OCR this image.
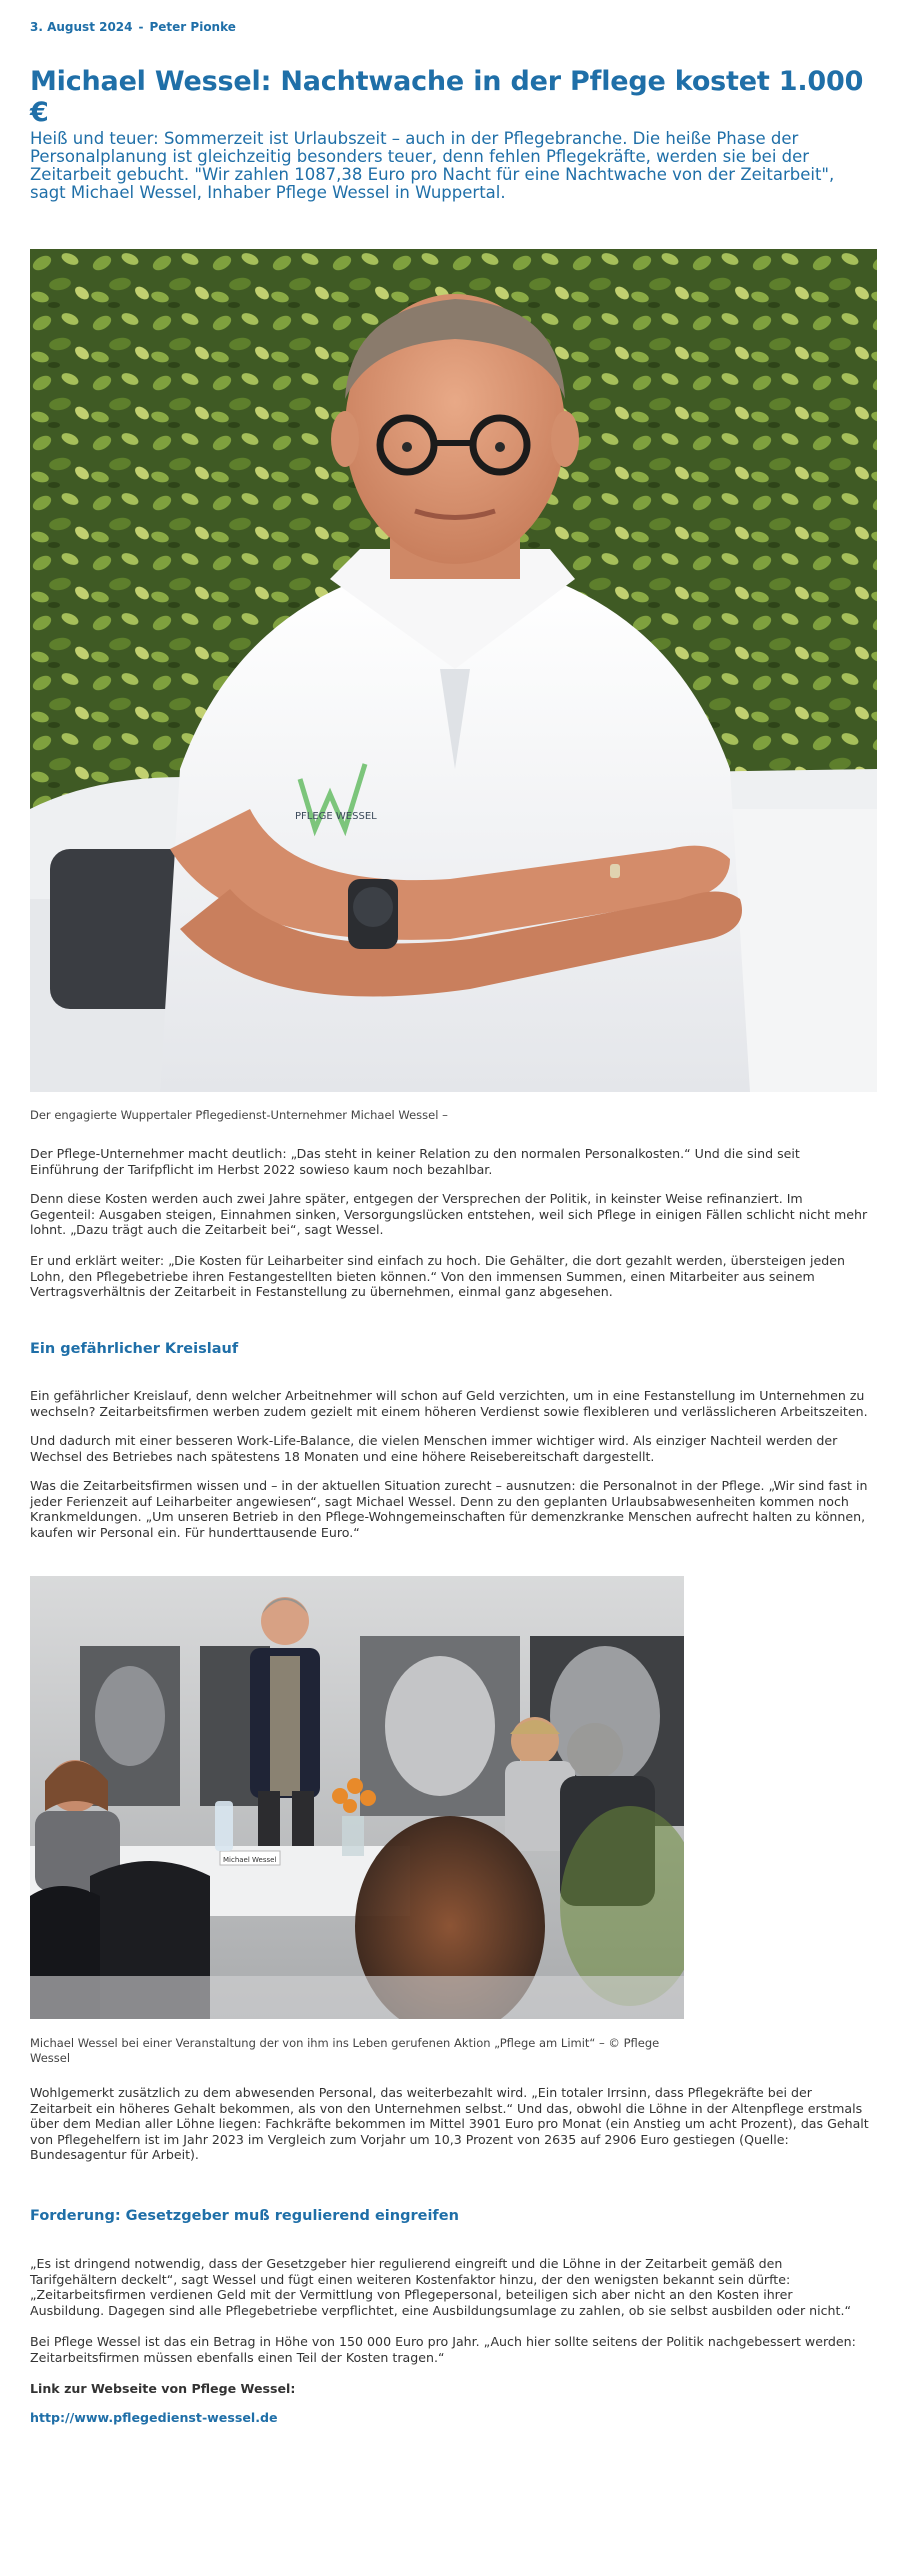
3. August 2024 - Peter Pionke
Michael Wessel: Nachtwache in der Pflege kostet 1.000 €

Heiß und teuer: Sommerzeit ist Urlaubszeit – auch in der Pflegebranche. Die heiße Phase der Personalplanung ist gleichzeitig besonders teuer, denn fehlen Pflegekräfte, werden sie bei der Zeitarbeit gebucht. "Wir zahlen 1087,38 Euro pro Nacht für eine Nachtwache von der Zeitarbeit", sagt Michael Wessel, Inhaber Pflege Wessel in Wuppertal.

PFLEGE WESSEL
Der engagierte Wuppertaler Pflegedienst-Unternehmer Michael Wessel –

Der Pflege-Unternehmer macht deutlich: „Das steht in keiner Relation zu den normalen Personalkosten.“ Und die sind seit Einführung der Tarifpflicht im Herbst 2022 sowieso kaum noch bezahlbar.

Denn diese Kosten werden auch zwei Jahre später, entgegen der Versprechen der Politik, in keinster Weise refinanziert. Im Gegenteil: Ausgaben steigen, Einnahmen sinken, Versorgungslücken entstehen, weil sich Pflege in einigen Fällen schlicht nicht mehr lohnt. „Dazu trägt auch die Zeitarbeit bei“, sagt Wessel.

Er und erklärt weiter: „Die Kosten für Leiharbeiter sind einfach zu hoch. Die Gehälter, die dort gezahlt werden, übersteigen jeden Lohn, den Pflegebetriebe ihren Festangestellten bieten können.“ Von den immensen Summen, einen Mitarbeiter aus seinem Vertragsverhältnis der Zeitarbeit in Festanstellung zu übernehmen, einmal ganz abgesehen.

Ein gefährlicher Kreislauf

Ein gefährlicher Kreislauf, denn welcher Arbeitnehmer will schon auf Geld verzichten, um in eine Festanstellung im Unternehmen zu wechseln? Zeitarbeitsfirmen werben zudem gezielt mit einem höheren Verdienst sowie flexibleren und verlässlicheren Arbeitszeiten.

Und dadurch mit einer besseren Work-Life-Balance, die vielen Menschen immer wichtiger wird. Als einziger Nachteil werden der Wechsel des Betriebes nach spätestens 18 Monaten und eine höhere Reisebereitschaft dargestellt.

Was die Zeitarbeitsfirmen wissen und – in der aktuellen Situation zurecht – ausnutzen: die Personalnot in der Pflege. „Wir sind fast in jeder Ferienzeit auf Leiharbeiter angewiesen“, sagt Michael Wessel. Denn zu den geplanten Urlaubsabwesenheiten kommen noch Krankmeldungen. „Um unseren Betrieb in den Pflege-Wohngemeinschaften für demenzkranke Menschen aufrecht halten zu können, kaufen wir Personal ein. Für hunderttausende Euro.“

Michael Wessel
Michael Wessel bei einer Veranstaltung der von ihm ins Leben gerufenen Aktion „Pflege am Limit“ – © Pflege Wessel

Wohlgemerkt zusätzlich zu dem abwesenden Personal, das weiterbezahlt wird. „Ein totaler Irrsinn, dass Pflegekräfte bei der Zeitarbeit ein höheres Gehalt bekommen, als von den Unternehmen selbst.“ Und das, obwohl die Löhne in der Altenpflege erstmals über dem Median aller Löhne liegen: Fachkräfte bekommen im Mittel 3901 Euro pro Monat (ein Anstieg um acht Prozent), das Gehalt von Pflegehelfern ist im Jahr 2023 im Vergleich zum Vorjahr um 10,3 Prozent von 2635 auf 2906 Euro gestiegen (Quelle: Bundesagentur für Arbeit).

Forderung: Gesetzgeber muß regulierend eingreifen

„Es ist dringend notwendig, dass der Gesetzgeber hier regulierend eingreift und die Löhne in der Zeitarbeit gemäß den Tarifgehältern deckelt“, sagt Wessel und fügt einen weiteren Kostenfaktor hinzu, der den wenigsten bekannt sein dürfte: „Zeitarbeitsfirmen verdienen Geld mit der Vermittlung von Pflegepersonal, beteiligen sich aber nicht an den Kosten ihrer Ausbildung. Dagegen sind alle Pflegebetriebe verpflichtet, eine Ausbildungsumlage zu zahlen, ob sie selbst ausbilden oder nicht.“

Bei Pflege Wessel ist das ein Betrag in Höhe von 150 000 Euro pro Jahr. „Auch hier sollte seitens der Politik nachgebessert werden: Zeitarbeitsfirmen müssen ebenfalls einen Teil der Kosten tragen.“

Link zur Webseite von Pflege Wessel:
http://www.pflegedienst-wessel.de
